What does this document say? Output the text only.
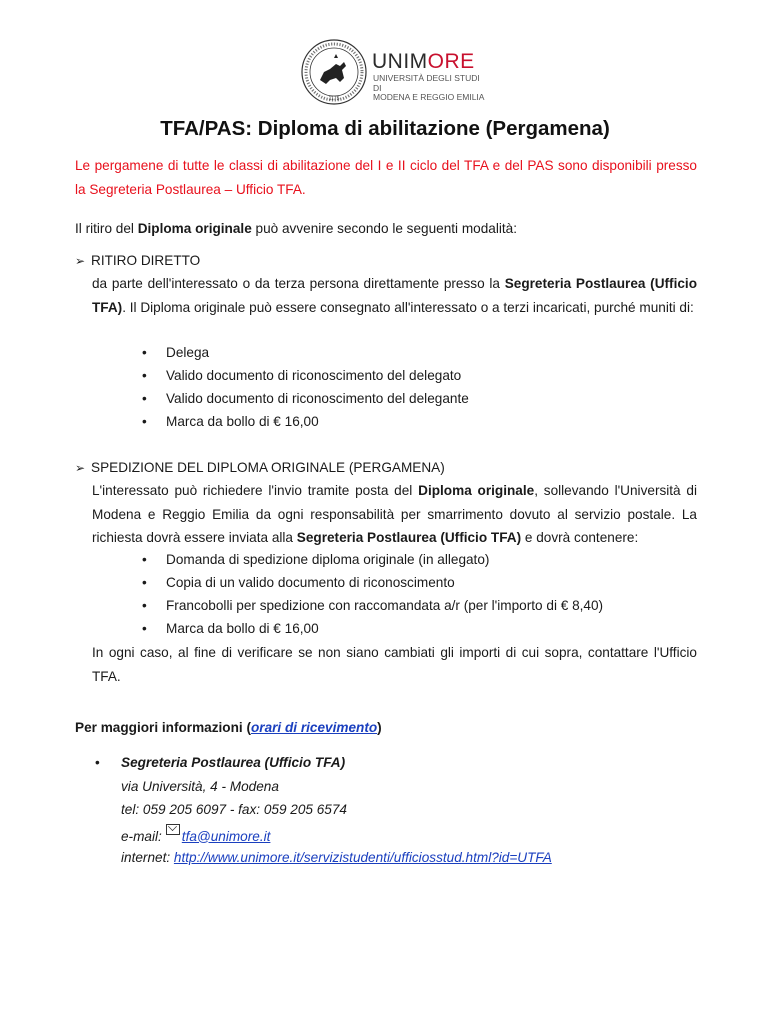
1175
UNIMORE
UNIVERSITÀ DEGLI STUDI DI
MODENA E REGGIO EMILIA
TFA/PAS: Diploma di abilitazione (Pergamena)
Le pergamene di tutte le classi di abilitazione del I e II ciclo del TFA e del PAS sono disponibili presso la Segreteria Postlaurea – Ufficio TFA.
Il ritiro del Diploma originale può avvenire secondo le seguenti modalità:
➢ RITIRO DIRETTO
da parte dell'interessato o da terza persona direttamente presso la Segreteria Postlaurea (Ufficio TFA). Il Diploma originale può essere consegnato all'interessato o a terzi incaricati, purché muniti di:
• Delega
• Valido documento di riconoscimento del delegato
• Valido documento di riconoscimento del delegante
• Marca da bollo di € 16,00
➢ SPEDIZIONE DEL DIPLOMA ORIGINALE (PERGAMENA)
L'interessato può richiedere l'invio tramite posta del Diploma originale, sollevando l'Università di Modena e Reggio Emilia da ogni responsabilità per smarrimento dovuto al servizio postale. La richiesta dovrà essere inviata alla Segreteria Postlaurea (Ufficio TFA) e dovrà contenere:
• Domanda di spedizione diploma originale (in allegato)
• Copia di un valido documento di riconoscimento
• Francobolli per spedizione con raccomandata a/r (per l'importo di € 8,40)
• Marca da bollo di € 16,00
In ogni caso, al fine di verificare se non siano cambiati gli importi di cui sopra, contattare l'Ufficio TFA.
Per maggiori informazioni (orari di ricevimento)
• Segreteria Postlaurea (Ufficio TFA)
via Università, 4 - Modena
tel: 059 205 6097 - fax: 059 205 6574
e-mail: tfa@unimore.it
internet: http://www.unimore.it/servizistudenti/ufficiosstud.html?id=UTFA
